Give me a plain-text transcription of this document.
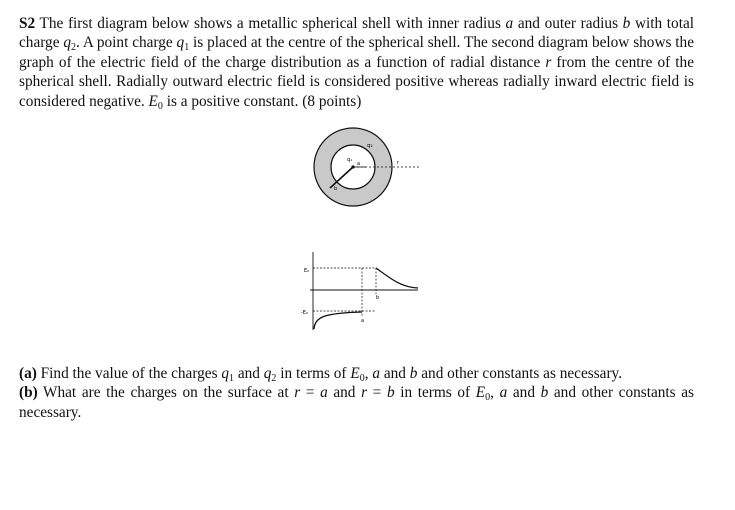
S2 The first diagram below shows a metallic spherical shell with inner radius a and outer radius b with total charge $q_2$. A point charge $q_1$ is placed at the centre of the spherical shell. The second diagram below shows the graph of the electric field of the charge distribution as a function of radial distance r from the centre of the spherical shell. Radially outward electric field is considered positive whereas radially inward electric field is considered negative. $E_0$ is a positive constant. (8 points)
q₂
q₁
a
b
r
E₀
-E₀
a
b
(a) Find the value of the charges $q_1$ and $q_2$ in terms of $E_0$, a and b and other constants as necessary.
(b) What are the charges on the surface at r = a and r = b in terms of $E_0$, a and b and other constants as necessary.
